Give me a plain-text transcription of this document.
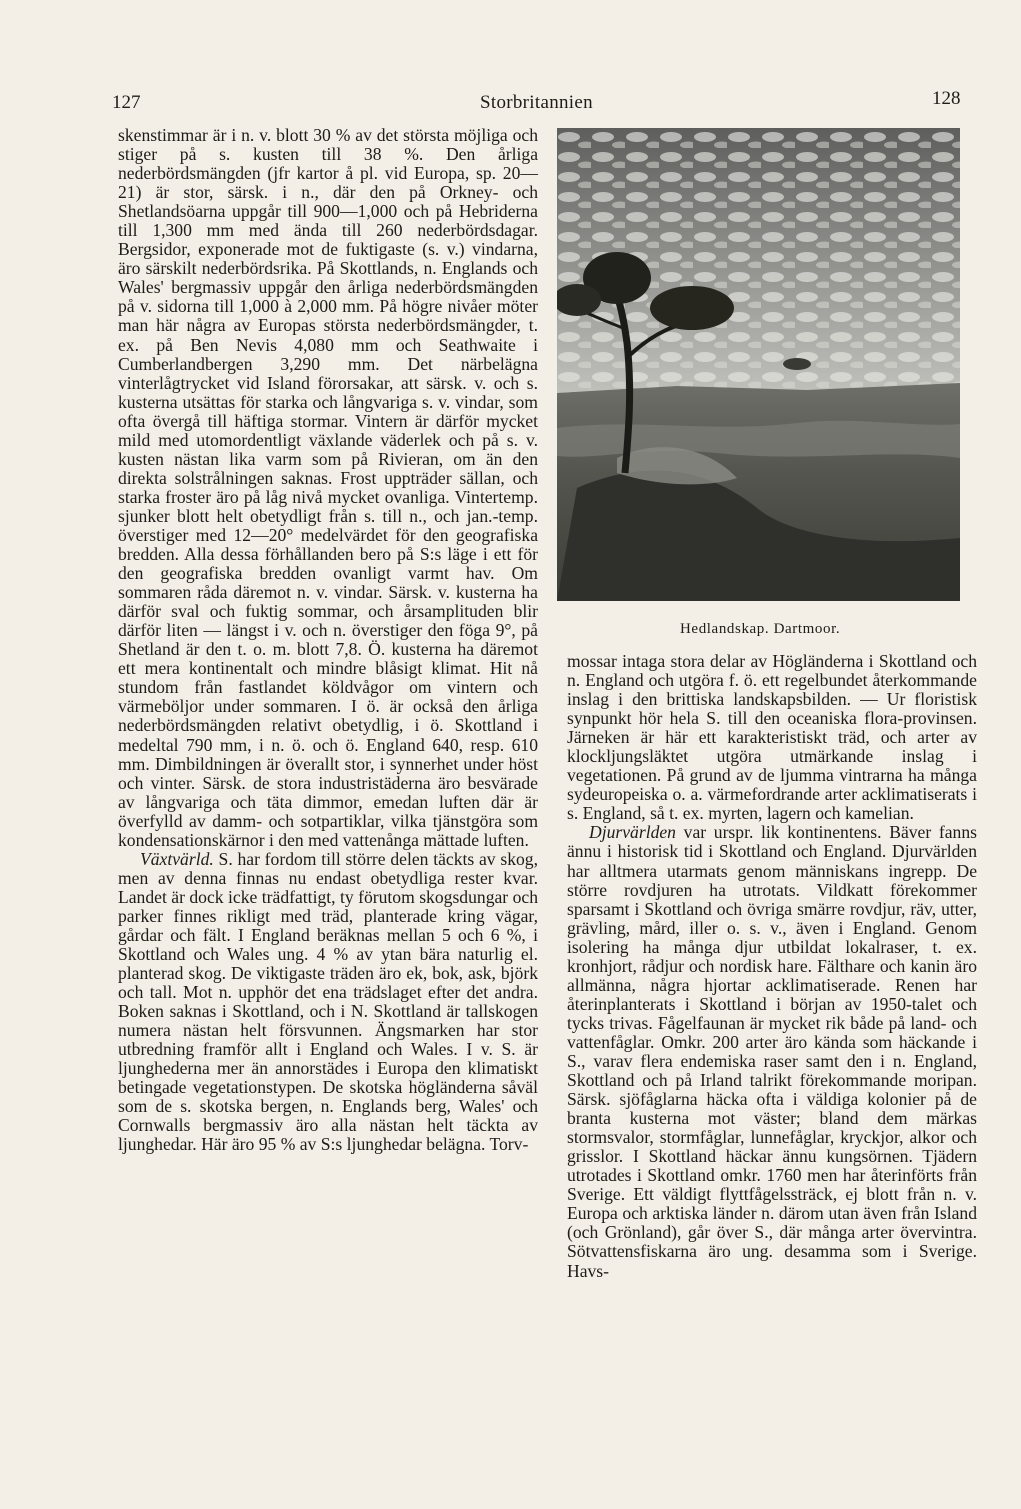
127	Storbritannien	128

skenstimmar är i n. v. blott 30 % av det största möjliga och stiger på s. kusten till 38 %. Den årliga nederbördsmängden (jfr kartor å pl. vid Europa, sp. 20—21) är stor, särsk. i n., där den på Orkney- och Shetlandsöarna uppgår till 900—1,000 och på Hebriderna till 1,300 mm med ända till 260 nederbördsdagar. Bergsidor, exponerade mot de fuktigaste (s. v.) vindarna, äro särskilt nederbördsrika. På Skottlands, n. Englands och Wales' bergmassiv uppgår den årliga nederbördsmängden på v. sidorna till 1,000 à 2,000 mm. På högre nivåer möter man här några av Europas största nederbördsmängder, t. ex. på Ben Nevis 4,080 mm och Seathwaite i Cumberlandbergen 3,290 mm. Det närbelägna vinterlågtrycket vid Island förorsakar, att särsk. v. och s. kusterna utsättas för starka och långvariga s. v. vindar, som ofta övergå till häftiga stormar. Vintern är därför mycket mild med utomordentligt växlande väderlek och på s. v. kusten nästan lika varm som på Rivieran, om än den direkta solstrålningen saknas. Frost uppträder sällan, och starka froster äro på låg nivå mycket ovanliga. Vintertemp. sjunker blott helt obetydligt från s. till n., och jan.-temp. överstiger med 12—20° medelvärdet för den geografiska bredden. Alla dessa förhållanden bero på S:s läge i ett för den geografiska bredden ovanligt varmt hav. Om sommaren råda däremot n. v. vindar. Särsk. v. kusterna ha därför sval och fuktig sommar, och årsamplituden blir därför liten — längst i v. och n. överstiger den föga 9°, på Shetland är den t. o. m. blott 7,8. Ö. kusterna ha däremot ett mera kontinentalt och mindre blåsigt klimat. Hit nå stundom från fastlandet köldvågor om vintern och värmeböljor under sommaren. I ö. är också den årliga nederbördsmängden relativt obetydlig, i ö. Skottland i medeltal 790 mm, i n. ö. och ö. England 640, resp. 610 mm. Dimbildningen är överallt stor, i synnerhet under höst och vinter. Särsk. de stora industristäderna äro besvärade av långvariga och täta dimmor, emedan luften där är överfylld av damm- och sotpartiklar, vilka tjänstgöra som kondensationskärnor i den med vattenånga mättade luften.

Växtvärld. S. har fordom till större delen täckts av skog, men av denna finnas nu endast obetydliga rester kvar. Landet är dock icke trädfattigt, ty förutom skogsdungar och parker finnes rikligt med träd, planterade kring vägar, gårdar och fält. I England beräknas mellan 5 och 6 %, i Skottland och Wales ung. 4 % av ytan bära naturlig el. planterad skog. De viktigaste träden äro ek, bok, ask, björk och tall. Mot n. upphör det ena trädslaget efter det andra. Boken saknas i Skottland, och i N. Skottland är tallskogen numera nästan helt försvunnen. Ängsmarken har stor utbredning framför allt i England och Wales. I v. S. är ljunghederna mer än annorstädes i Europa den klimatiskt betingade vegetationstypen. De skotska högländerna såväl som de s. skotska bergen, n. Englands berg, Wales' och Cornwalls bergmassiv äro alla nästan helt täckta av ljunghedar. Här äro 95 % av S:s ljunghedar belägna. Torv-

Hedlandskap. Dartmoor.

mossar intaga stora delar av Högländerna i Skottland och n. England och utgöra f. ö. ett regelbundet återkommande inslag i den brittiska landskapsbilden. — Ur floristisk synpunkt hör hela S. till den oceaniska flora-provinsen. Järneken är här ett karakteristiskt träd, och arter av klockljungsläktet utgöra utmärkande inslag i vegetationen. På grund av de ljumma vintrarna ha många sydeuropeiska o. a. värmefordrande arter acklimatiserats i s. England, så t. ex. myrten, lagern och kamelian.

Djurvärlden var urspr. lik kontinentens. Bäver fanns ännu i historisk tid i Skottland och England. Djurvärlden har alltmera utarmats genom människans ingrepp. De större rovdjuren ha utrotats. Vildkatt förekommer sparsamt i Skottland och övriga smärre rovdjur, räv, utter, grävling, mård, iller o. s. v., även i England. Genom isolering ha många djur utbildat lokalraser, t. ex. kronhjort, rådjur och nordisk hare. Fälthare och kanin äro allmänna, några hjortar acklimatiserade. Renen har återinplanterats i Skottland i början av 1950-talet och tycks trivas. Fågelfaunan är mycket rik både på land- och vattenfåglar. Omkr. 200 arter äro kända som häckande i S., varav flera endemiska raser samt den i n. England, Skottland och på Irland talrikt förekommande moripan. Särsk. sjöfåglarna häcka ofta i väldiga kolonier på de branta kusterna mot väster; bland dem märkas stormsvalor, stormfåglar, lunnefåglar, kryckjor, alkor och grisslor. I Skottland häckar ännu kungsörnen. Tjädern utrotades i Skottland omkr. 1760 men har återinförts från Sverige. Ett väldigt flyttfågelssträck, ej blott från n. v. Europa och arktiska länder n. därom utan även från Island (och Grönland), går över S., där många arter övervintra. Sötvattensfiskarna äro ung. desamma som i Sverige. Havs-
